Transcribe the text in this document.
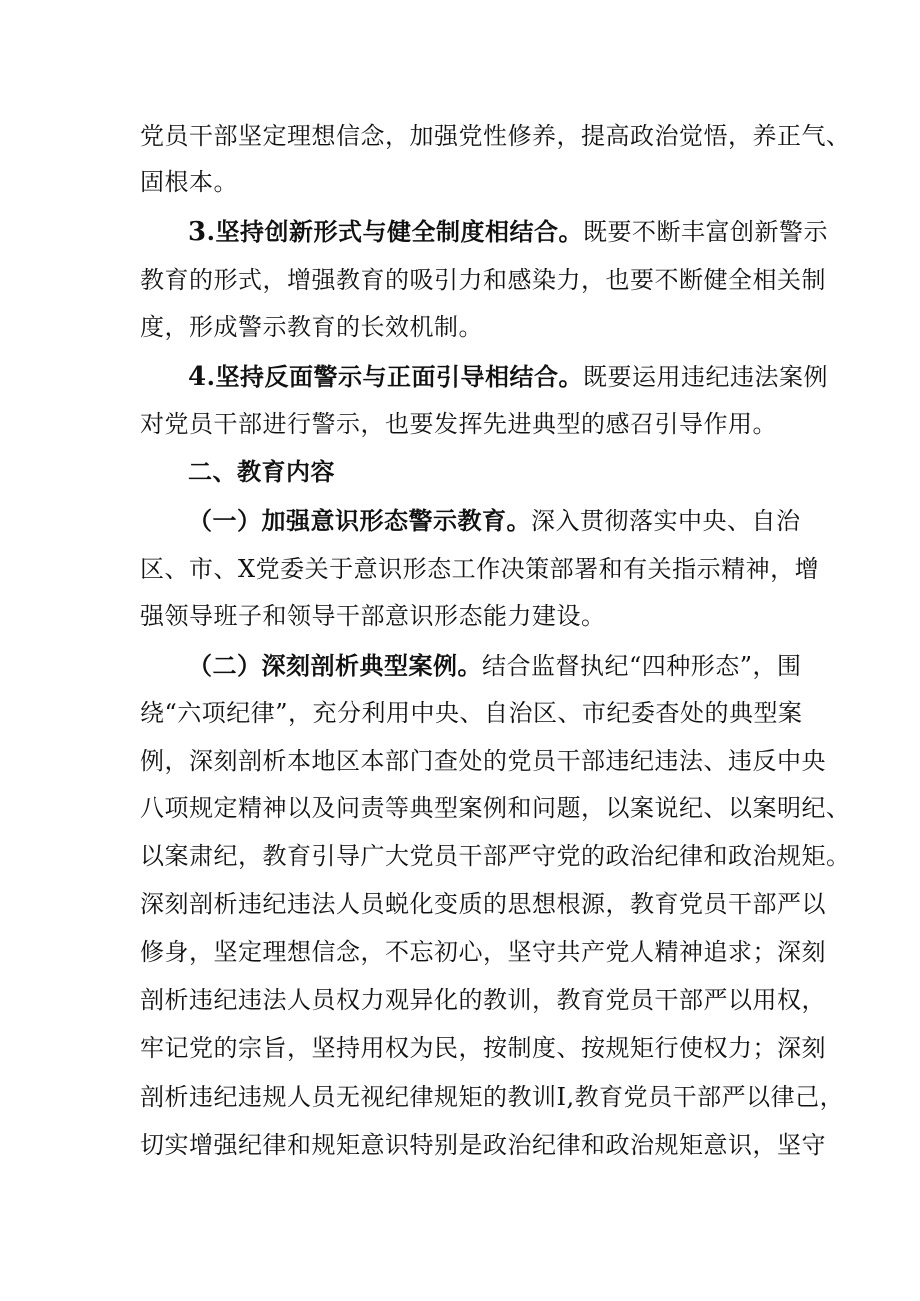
党员干部坚定理想信念，加强党性修养，提高政治觉悟，养正气、
固根本。
3.坚持创新形式与健全制度相结合。既要不断丰富创新警示
教育的形式，增强教育的吸引力和感染力，也要不断健全相关制
度，形成警示教育的长效机制。
4.坚持反面警示与正面引导相结合。既要运用违纪违法案例
对党员干部进行警示，也要发挥先进典型的感召引导作用。
二、教育内容
（一）加强意识形态警示教育。深入贯彻落实中央、自治
区、市、X党委关于意识形态工作决策部署和有关指示精神，增
强领导班子和领导干部意识形态能力建设。
（二）深刻剖析典型案例。结合监督执纪“四种形态”，围
绕“六项纪律”，充分利用中央、自治区、市纪委杳处的典型案
例，深刻剖析本地区本部门查处的党员干部违纪违法、违反中央
八项规定精神以及问责等典型案例和问题，以案说纪、以案明纪、
以案肃纪，教育引导广大党员干部严守党的政治纪律和政治规矩。
深刻剖析违纪违法人员蜕化变质的思想根源，教育党员干部严以
修身，坚定理想信念，不忘初心，坚守共产党人精神追求；深刻
剖析违纪违法人员权力观异化的教训，教育党员干部严以用权，
牢记党的宗旨，坚持用权为民，按制度、按规矩行使权力；深刻
剖析违纪违规人员无视纪律规矩的教训I,教育党员干部严以律己，
切实增强纪律和规矩意识特别是政治纪律和政治规矩意识，坚守
